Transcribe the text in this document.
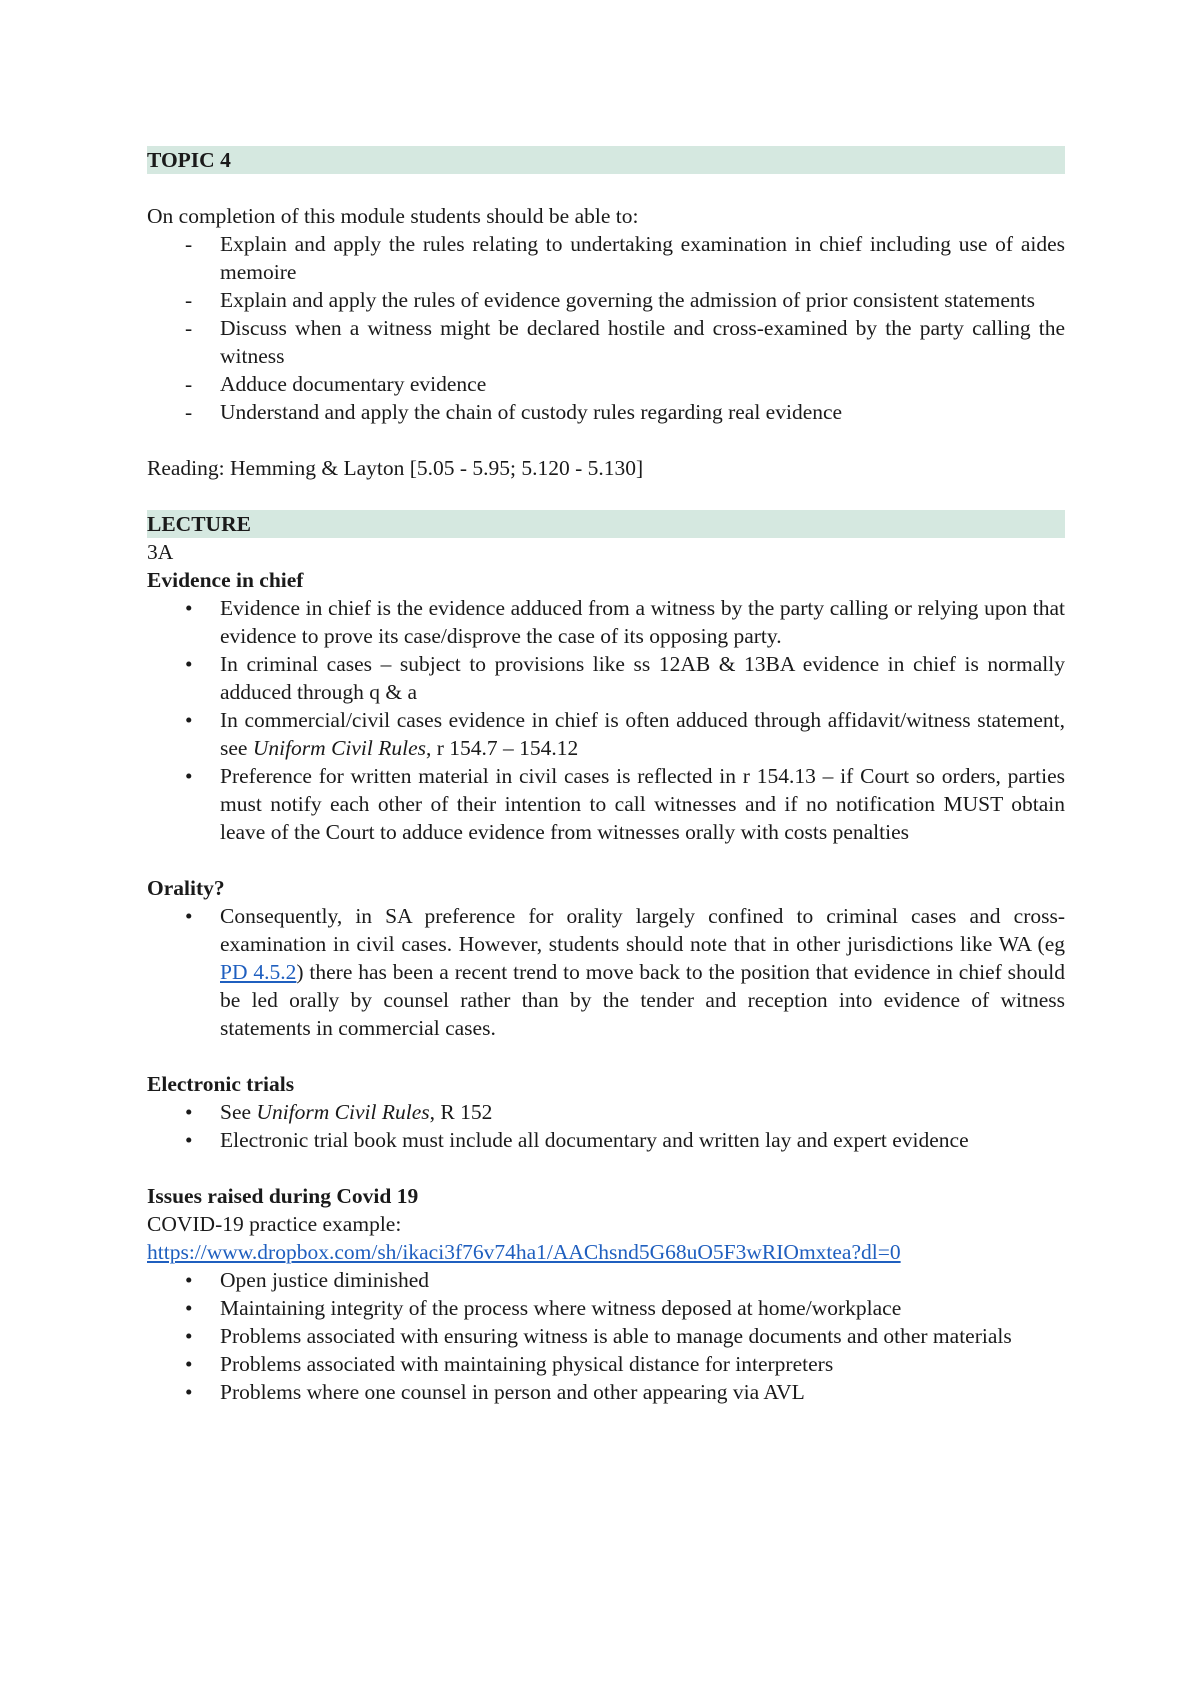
TOPIC 4

On completion of this module students should be able to:

- Explain and apply the rules relating to undertaking examination in chief including use of aides memoire
- Explain and apply the rules of evidence governing the admission of prior consistent statements
- Discuss when a witness might be declared hostile and cross-examined by the party calling the witness
- Adduce documentary evidence
- Understand and apply the chain of custody rules regarding real evidence

Reading: Hemming & Layton [5.05 - 5.95; 5.120 - 5.130]

LECTURE

3A

Evidence in chief

• Evidence in chief is the evidence adduced from a witness by the party calling or relying upon that evidence to prove its case/disprove the case of its opposing party.
• In criminal cases – subject to provisions like ss 12AB & 13BA evidence in chief is normally adduced through q & a
• In commercial/civil cases evidence in chief is often adduced through affidavit/witness statement, see Uniform Civil Rules, r 154.7 – 154.12
• Preference for written material in civil cases is reflected in r 154.13 – if Court so orders, parties must notify each other of their intention to call witnesses and if no notification MUST obtain leave of the Court to adduce evidence from witnesses orally with costs penalties

Orality?

• Consequently, in SA preference for orality largely confined to criminal cases and cross-examination in civil cases. However, students should note that in other jurisdictions like WA (eg PD 4.5.2) there has been a recent trend to move back to the position that evidence in chief should be led orally by counsel rather than by the tender and reception into evidence of witness statements in commercial cases.

Electronic trials

• See Uniform Civil Rules, R 152
• Electronic trial book must include all documentary and written lay and expert evidence

Issues raised during Covid 19

COVID-19 practice example:

https://www.dropbox.com/sh/ikaci3f76v74ha1/AAChsnd5G68uO5F3wRIOmxtea?dl=0

• Open justice diminished
• Maintaining integrity of the process where witness deposed at home/workplace
• Problems associated with ensuring witness is able to manage documents and other materials
• Problems associated with maintaining physical distance for interpreters
• Problems where one counsel in person and other appearing via AVL
